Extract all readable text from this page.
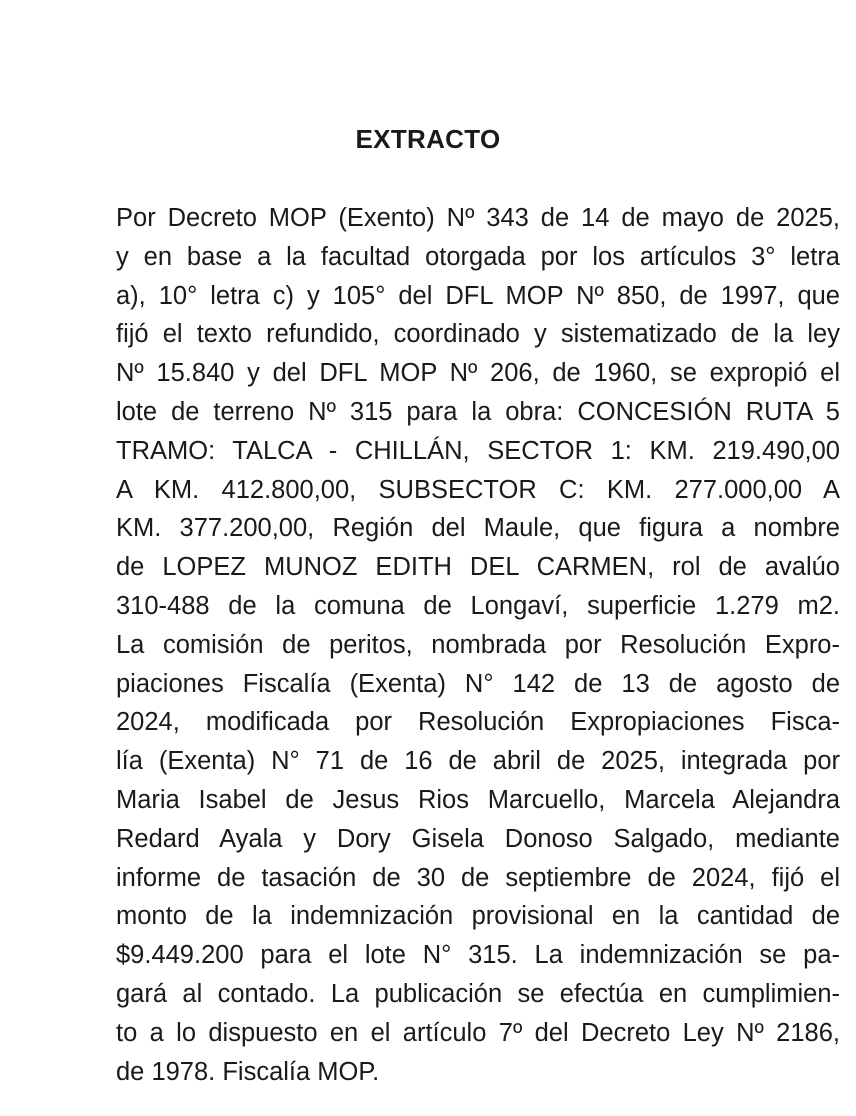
EXTRACTO
Por Decreto MOP (Exento) Nº 343 de 14 de mayo de 2025,
y en base a la facultad otorgada por los artículos 3° letra
a), 10° letra c) y 105° del DFL MOP Nº 850, de 1997, que
fijó el texto refundido, coordinado y sistematizado de la ley
Nº 15.840 y del DFL MOP Nº 206, de 1960, se expropió el
lote de terreno Nº 315 para la obra: CONCESIÓN RUTA 5
TRAMO: TALCA - CHILLÁN, SECTOR 1: KM. 219.490,00
A KM. 412.800,00, SUBSECTOR C: KM. 277.000,00 A
KM. 377.200,00, Región del Maule, que figura a nombre
de LOPEZ MUNOZ EDITH DEL CARMEN, rol de avalúo
310-488 de la comuna de Longaví, superficie 1.279 m2.
La comisión de peritos, nombrada por Resolución Expro-
piaciones Fiscalía (Exenta) N° 142 de 13 de agosto de
2024, modificada por Resolución Expropiaciones Fisca-
lía (Exenta) N° 71 de 16 de abril de 2025, integrada por
Maria Isabel de Jesus Rios Marcuello, Marcela Alejandra
Redard Ayala y Dory Gisela Donoso Salgado, mediante
informe de tasación de 30 de septiembre de 2024, fijó el
monto de la indemnización provisional en la cantidad de
$9.449.200 para el lote N° 315. La indemnización se pa-
gará al contado. La publicación se efectúa en cumplimien-
to a lo dispuesto en el artículo 7º del Decreto Ley Nº 2186,
de 1978. Fiscalía MOP.
